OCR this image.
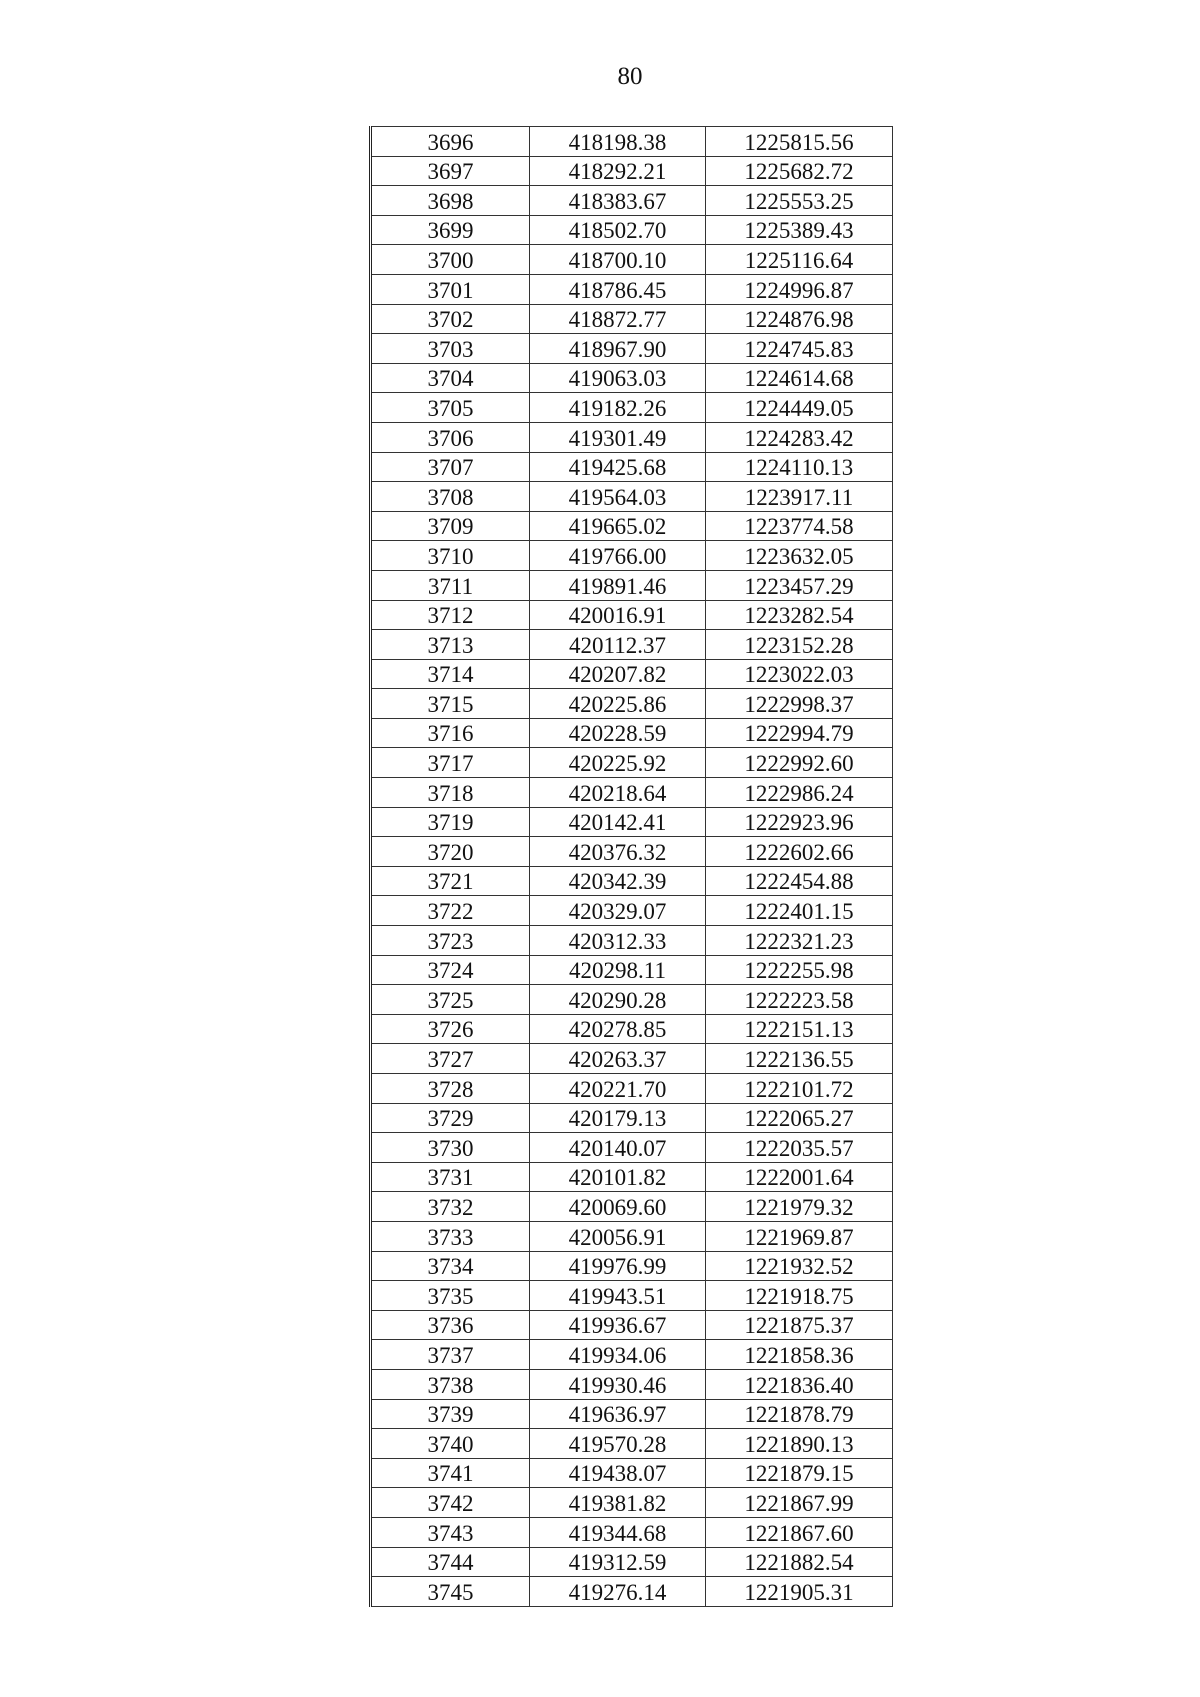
80
3696	418198.38	1225815.56
3697	418292.21	1225682.72
3698	418383.67	1225553.25
3699	418502.70	1225389.43
3700	418700.10	1225116.64
3701	418786.45	1224996.87
3702	418872.77	1224876.98
3703	418967.90	1224745.83
3704	419063.03	1224614.68
3705	419182.26	1224449.05
3706	419301.49	1224283.42
3707	419425.68	1224110.13
3708	419564.03	1223917.11
3709	419665.02	1223774.58
3710	419766.00	1223632.05
3711	419891.46	1223457.29
3712	420016.91	1223282.54
3713	420112.37	1223152.28
3714	420207.82	1223022.03
3715	420225.86	1222998.37
3716	420228.59	1222994.79
3717	420225.92	1222992.60
3718	420218.64	1222986.24
3719	420142.41	1222923.96
3720	420376.32	1222602.66
3721	420342.39	1222454.88
3722	420329.07	1222401.15
3723	420312.33	1222321.23
3724	420298.11	1222255.98
3725	420290.28	1222223.58
3726	420278.85	1222151.13
3727	420263.37	1222136.55
3728	420221.70	1222101.72
3729	420179.13	1222065.27
3730	420140.07	1222035.57
3731	420101.82	1222001.64
3732	420069.60	1221979.32
3733	420056.91	1221969.87
3734	419976.99	1221932.52
3735	419943.51	1221918.75
3736	419936.67	1221875.37
3737	419934.06	1221858.36
3738	419930.46	1221836.40
3739	419636.97	1221878.79
3740	419570.28	1221890.13
3741	419438.07	1221879.15
3742	419381.82	1221867.99
3743	419344.68	1221867.60
3744	419312.59	1221882.54
3745	419276.14	1221905.31
